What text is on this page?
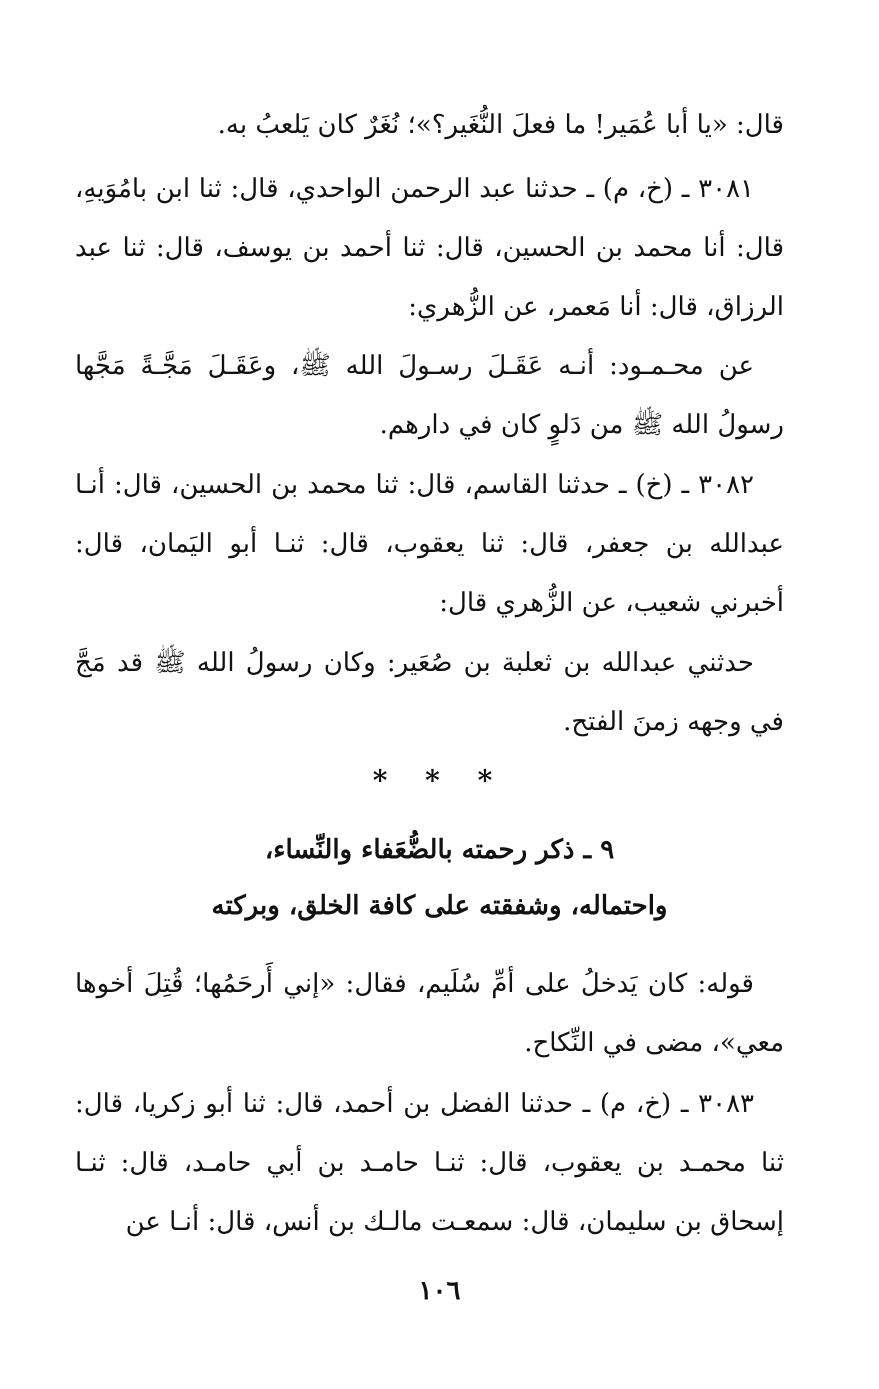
قال: «يا أبا عُمَير! ما فعلَ النُّغَير؟»؛ نُغَرٌ كان يَلعبُ به.

٣٠٨١ ـ (خ، م) ـ حدثنا عبد الرحمن الواحدي، قال: ثنا ابن بامُوَيهِ، قال: أنا محمد بن الحسين، قال: ثنا أحمد بن يوسف، قال: ثنا عبد الرزاق، قال: أنا مَعمر، عن الزُّهري:

عن محـمـود: أنـه عَقَـلَ رسـولَ الله ﷺ، وعَقَـلَ مَجَّـةً مَجَّها رسولُ الله ﷺ من دَلوٍ كان في دارهم.

٣٠٨٢ ـ (خ) ـ حدثنا القاسم، قال: ثنا محمد بن الحسين، قال: أنـا عبدالله بن جعفر، قال: ثنا يعقوب، قال: ثنـا أبو اليَمان، قال: أخبرني شعيب، عن الزُّهري قال:

حدثني عبدالله بن ثعلبة بن صُعَير: وكان رسولُ الله ﷺ قد مَجَّ في وجهه زمنَ الفتح.

* * *
٩ ـ ذكر رحمته بالضُّعَفاء والنِّساء،
واحتماله، وشفقته على كافة الخلق، وبركته

قوله: كان يَدخلُ على أمِّ سُلَيم، فقال: «إني أَرحَمُها؛ قُتِلَ أخوها معي»، مضى في النِّكاح.

٣٠٨٣ ـ (خ، م) ـ حدثنا الفضل بن أحمد، قال: ثنا أبو زكريا، قال: ثنا محمـد بن يعقوب، قال: ثنـا حامـد بن أبي حامـد، قال: ثنـا إسحاق بن سليمان، قال: سمعـت مالـك بن أنس، قال: أنـا عن

١٠٦
